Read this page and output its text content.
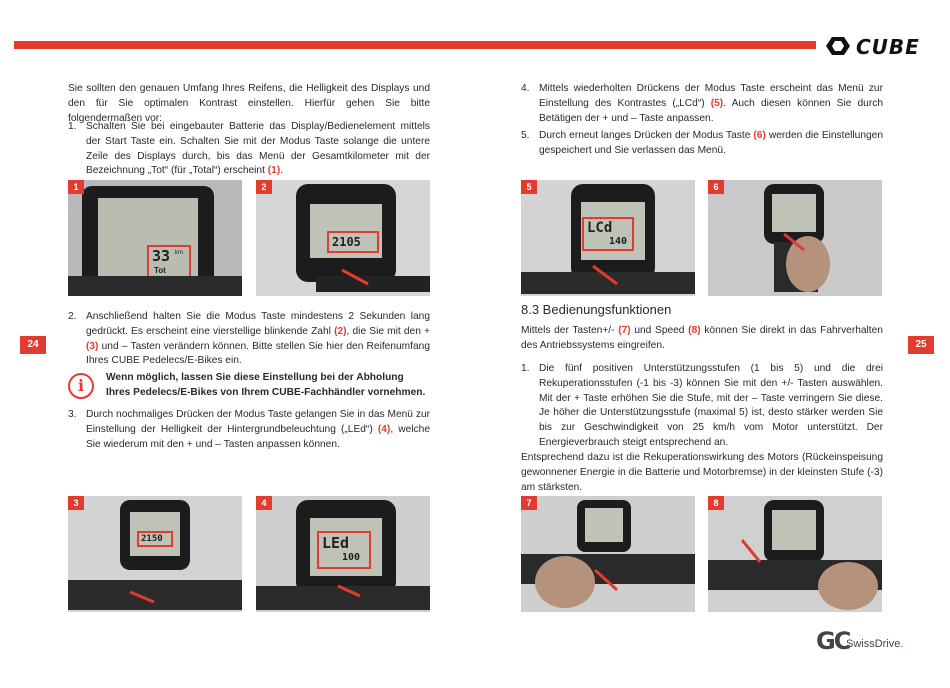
CUBE
Sie sollten den genauen Umfang Ihres Reifens, die Helligkeit des Displays und den für Sie optimalen Kontrast einstellen. Hierfür gehen Sie bitte folgendermaßen vor:
1. Schalten Sie bei eingebauter Batterie das Display/Bedienelement mittels der Start Taste ein. Schalten Sie mit der Modus Taste solange die untere Zeile des Displays durch, bis das Menü der Gesamtkilometer mit der Bezeichnung „Tot“ (für „Total“) erscheint (1).
1
33 km
Tot
2
2105
2. Anschließend halten Sie die Modus Taste mindestens 2 Sekunden lang gedrückt. Es erscheint eine vierstellige blinkende Zahl (2), die Sie mit den + (3) und – Tasten verändern können. Bitte stellen Sie hier den Reifenumfang Ihres CUBE Pedelecs/E-Bikes ein.
i	Wenn möglich, lassen Sie diese Einstellung bei der Abholung Ihres Pedelecs/E-Bikes von Ihrem CUBE-Fachhändler vornehmen.
3. Durch nochmaliges Drücken der Modus Taste gelangen Sie in das Menü zur Einstellung der Helligkeit der Hintergrundbeleuchtung („LEd“) (4), welche Sie wiederum mit den + und – Tasten anpassen können.
3
2150
4
LEd
100
24
4. Mittels wiederholten Drückens der Modus Taste erscheint das Menü zur Einstellung des Kontrastes („LCd“) (5). Auch diesen können Sie durch Betätigen der + und – Taste anpassen.
5. Durch erneut langes Drücken der Modus Taste (6) werden die Einstellungen gespeichert und Sie verlassen das Menü.
5
LCd
140
6
8.3 Bedienungsfunktionen
Mittels der Tasten+/- (7) und Speed (8) können Sie direkt in das Fahrverhalten des Antriebssystems eingreifen.
1. Die fünf positiven Unterstützungsstufen (1 bis 5) und die drei Rekuperationsstufen (-1 bis -3) können Sie mit den +/- Tasten auswählen. Mit der + Taste erhöhen Sie die Stufe, mit der – Taste verringern Sie diese. Je höher die Unterstützungsstufe (maximal 5) ist, desto stärker werden Sie bis zur Geschwindigkeit von 25 km/h vom Motor unterstützt. Der Energieverbrauch steigt entsprechend an.
Entsprechend dazu ist die Rekuperationswirkung des Motors (Rückeinspeisung gewonnener Energie in die Batterie und Motorbremse) in der kleinsten Stufe (-3) am stärksten.
7	8
25
GC
SwissDrive.
